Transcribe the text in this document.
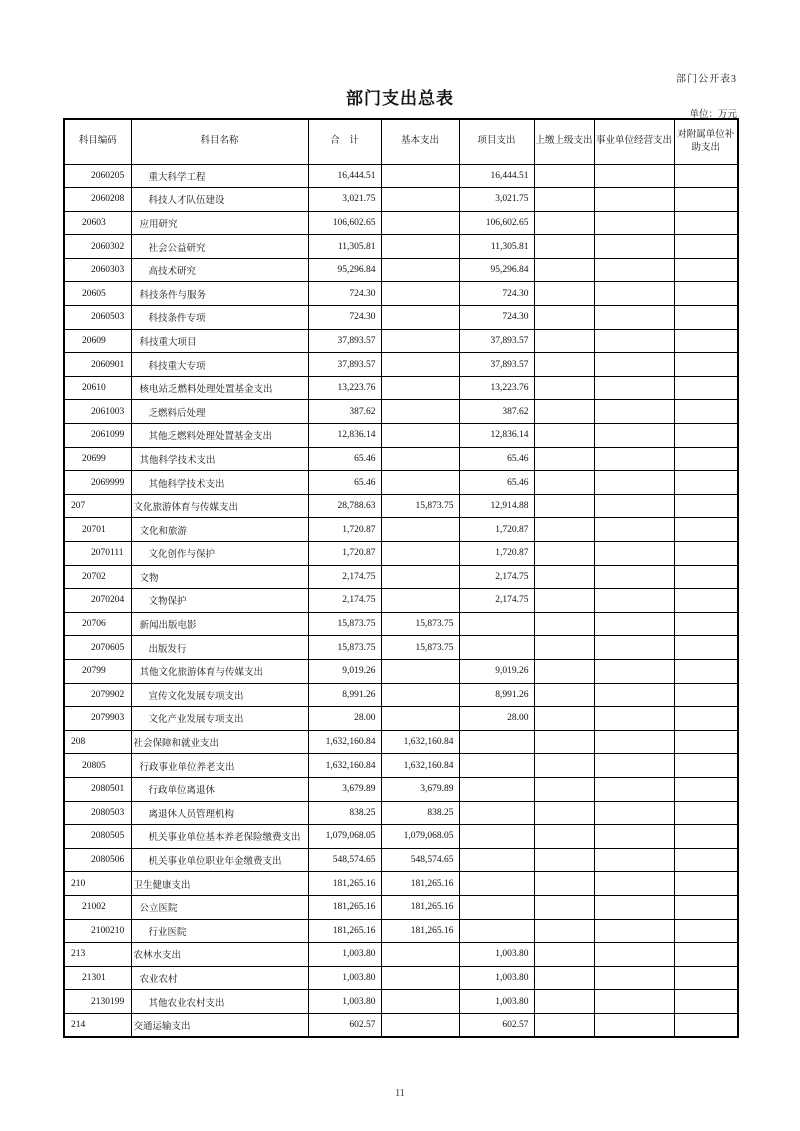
部门公开表3
部门支出总表
单位：万元
科目编码	科目名称	合　计	基本支出	项目支出	上缴上级支出	事业单位经营支出	对附属单位补助支出
2060205	重大科学工程	16,444.51		16,444.51			
2060208	科技人才队伍建设	3,021.75		3,021.75			
20603	应用研究	106,602.65		106,602.65			
2060302	社会公益研究	11,305.81		11,305.81			
2060303	高技术研究	95,296.84		95,296.84			
20605	科技条件与服务	724.30		724.30			
2060503	科技条件专项	724.30		724.30			
20609	科技重大项目	37,893.57		37,893.57			
2060901	科技重大专项	37,893.57		37,893.57			
20610	核电站乏燃料处理处置基金支出	13,223.76		13,223.76			
2061003	乏燃料后处理	387.62		387.62			
2061099	其他乏燃料处理处置基金支出	12,836.14		12,836.14			
20699	其他科学技术支出	65.46		65.46			
2069999	其他科学技术支出	65.46		65.46			
207	文化旅游体育与传媒支出	28,788.63	15,873.75	12,914.88			
20701	文化和旅游	1,720.87		1,720.87			
2070111	文化创作与保护	1,720.87		1,720.87			
20702	文物	2,174.75		2,174.75			
2070204	文物保护	2,174.75		2,174.75			
20706	新闻出版电影	15,873.75	15,873.75				
2070605	出版发行	15,873.75	15,873.75				
20799	其他文化旅游体育与传媒支出	9,019.26		9,019.26			
2079902	宣传文化发展专项支出	8,991.26		8,991.26			
2079903	文化产业发展专项支出	28.00		28.00			
208	社会保障和就业支出	1,632,160.84	1,632,160.84				
20805	行政事业单位养老支出	1,632,160.84	1,632,160.84				
2080501	行政单位离退休	3,679.89	3,679.89				
2080503	离退休人员管理机构	838.25	838.25				
2080505	机关事业单位基本养老保险缴费支出	1,079,068.05	1,079,068.05				
2080506	机关事业单位职业年金缴费支出	548,574.65	548,574.65				
210	卫生健康支出	181,265.16	181,265.16				
21002	公立医院	181,265.16	181,265.16				
2100210	行业医院	181,265.16	181,265.16				
213	农林水支出	1,003.80		1,003.80			
21301	农业农村	1,003.80		1,003.80			
2130199	其他农业农村支出	1,003.80		1,003.80			
214	交通运输支出	602.57		602.57			
11
